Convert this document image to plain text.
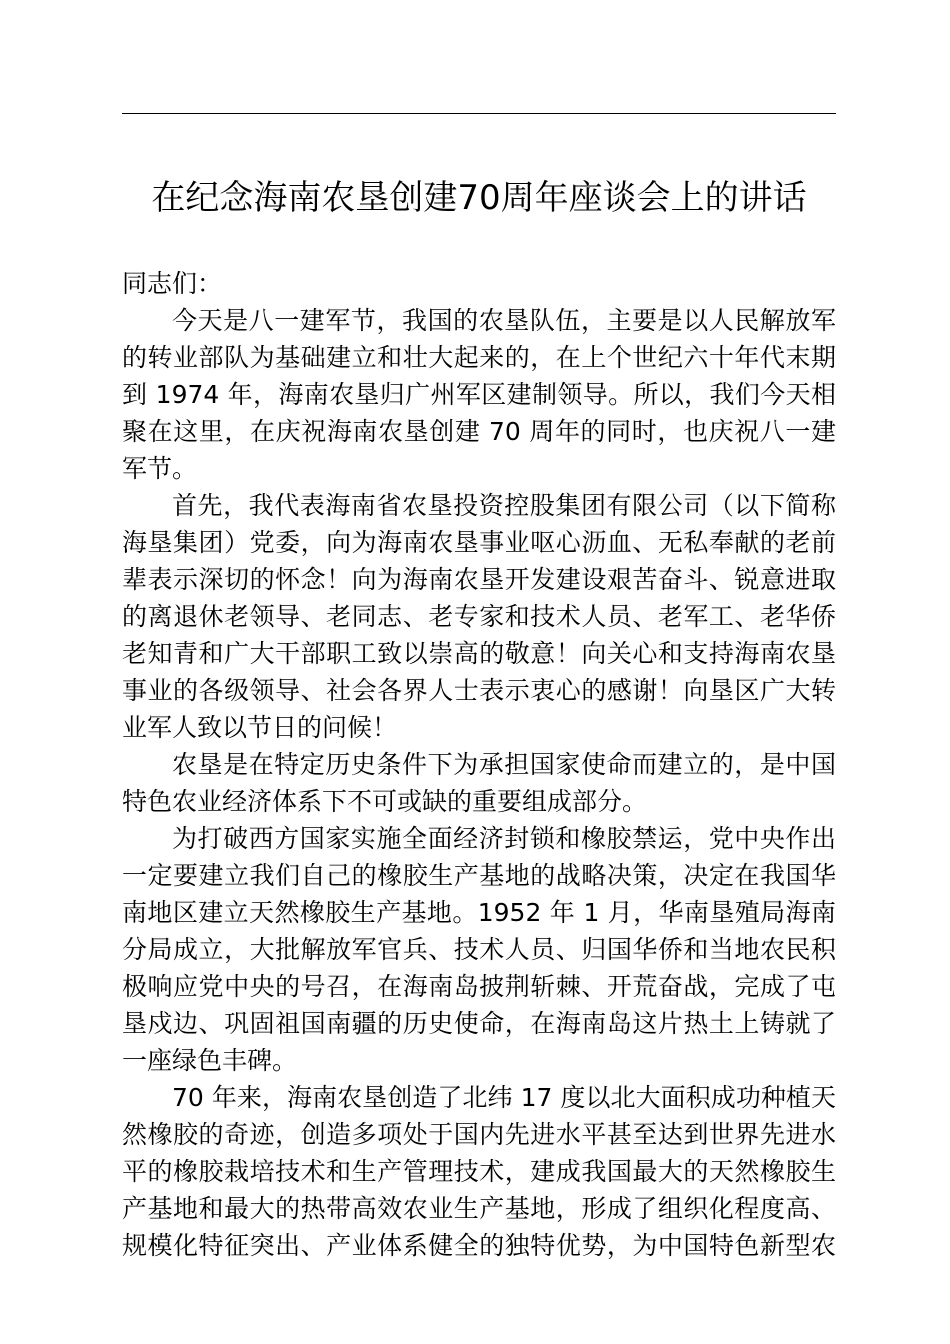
在纪念海南农垦创建70周年座谈会上的讲话
同志们：
今天是八一建军节，我国的农垦队伍，主要是以人民解放军
的转业部队为基础建立和壮大起来的，在上个世纪六十年代末期
到 1974 年，海南农垦归广州军区建制领导。所以，我们今天相
聚在这里，在庆祝海南农垦创建 70 周年的同时，也庆祝八一建
军节。
首先，我代表海南省农垦投资控股集团有限公司（以下简称
海垦集团）党委，向为海南农垦事业呕心沥血、无私奉献的老前
辈表示深切的怀念！向为海南农垦开发建设艰苦奋斗、锐意进取
的离退休老领导、老同志、老专家和技术人员、老军工、老华侨
老知青和广大干部职工致以崇高的敬意！向关心和支持海南农垦
事业的各级领导、社会各界人士表示衷心的感谢！向垦区广大转
业军人致以节日的问候！
农垦是在特定历史条件下为承担国家使命而建立的，是中国
特色农业经济体系下不可或缺的重要组成部分。
为打破西方国家实施全面经济封锁和橡胶禁运，党中央作出
一定要建立我们自己的橡胶生产基地的战略决策，决定在我国华
南地区建立天然橡胶生产基地。1952 年 1 月，华南垦殖局海南
分局成立，大批解放军官兵、技术人员、归国华侨和当地农民积
极响应党中央的号召，在海南岛披荆斩棘、开荒奋战，完成了屯
垦戍边、巩固祖国南疆的历史使命，在海南岛这片热土上铸就了
一座绿色丰碑。
70 年来，海南农垦创造了北纬 17 度以北大面积成功种植天
然橡胶的奇迹，创造多项处于国内先进水平甚至达到世界先进水
平的橡胶栽培技术和生产管理技术，建成我国最大的天然橡胶生
产基地和最大的热带高效农业生产基地，形成了组织化程度高、
规模化特征突出、产业体系健全的独特优势，为中国特色新型农
